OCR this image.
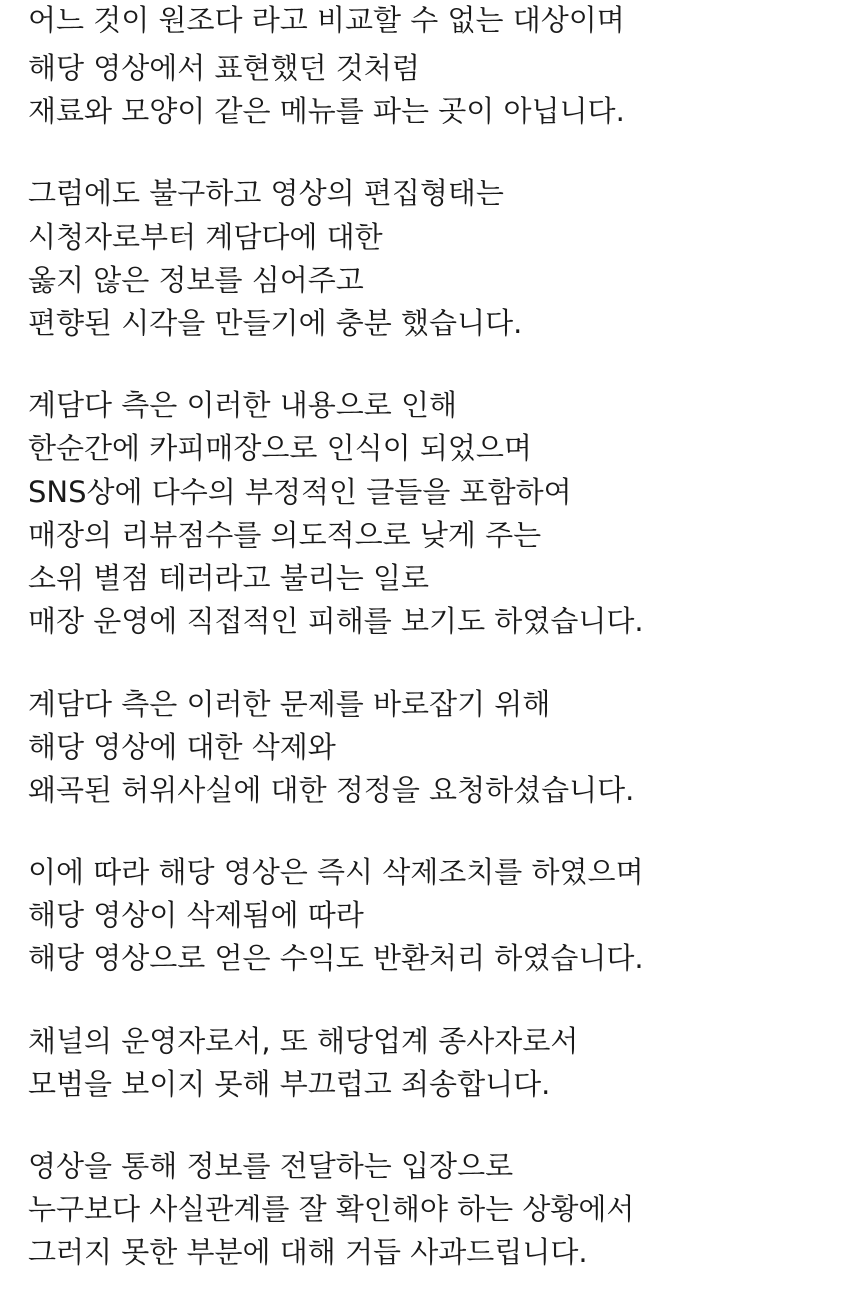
어느 것이 원조다 라고 비교할 수 없는 대상이며
해당 영상에서 표현했던 것처럼
재료와 모양이 같은 메뉴를 파는 곳이 아닙니다.
그럼에도 불구하고 영상의 편집형태는
시청자로부터 계담다에 대한
옳지 않은 정보를 심어주고
편향된 시각을 만들기에 충분 했습니다.
계담다 측은 이러한 내용으로 인해
한순간에 카피매장으로 인식이 되었으며
SNS상에 다수의 부정적인 글들을 포함하여
매장의 리뷰점수를 의도적으로 낮게 주는
소위 별점 테러라고 불리는 일로
매장 운영에 직접적인 피해를 보기도 하였습니다.
계담다 측은 이러한 문제를 바로잡기 위해
해당 영상에 대한 삭제와
왜곡된 허위사실에 대한 정정을 요청하셨습니다.
이에 따라 해당 영상은 즉시 삭제조치를 하였으며
해당 영상이 삭제됨에 따라
해당 영상으로 얻은 수익도 반환처리 하였습니다.
채널의 운영자로서, 또 해당업계 종사자로서
모범을 보이지 못해 부끄럽고 죄송합니다.
영상을 통해 정보를 전달하는 입장으로
누구보다 사실관계를 잘 확인해야 하는 상황에서
그러지 못한 부분에 대해 거듭 사과드립니다.
